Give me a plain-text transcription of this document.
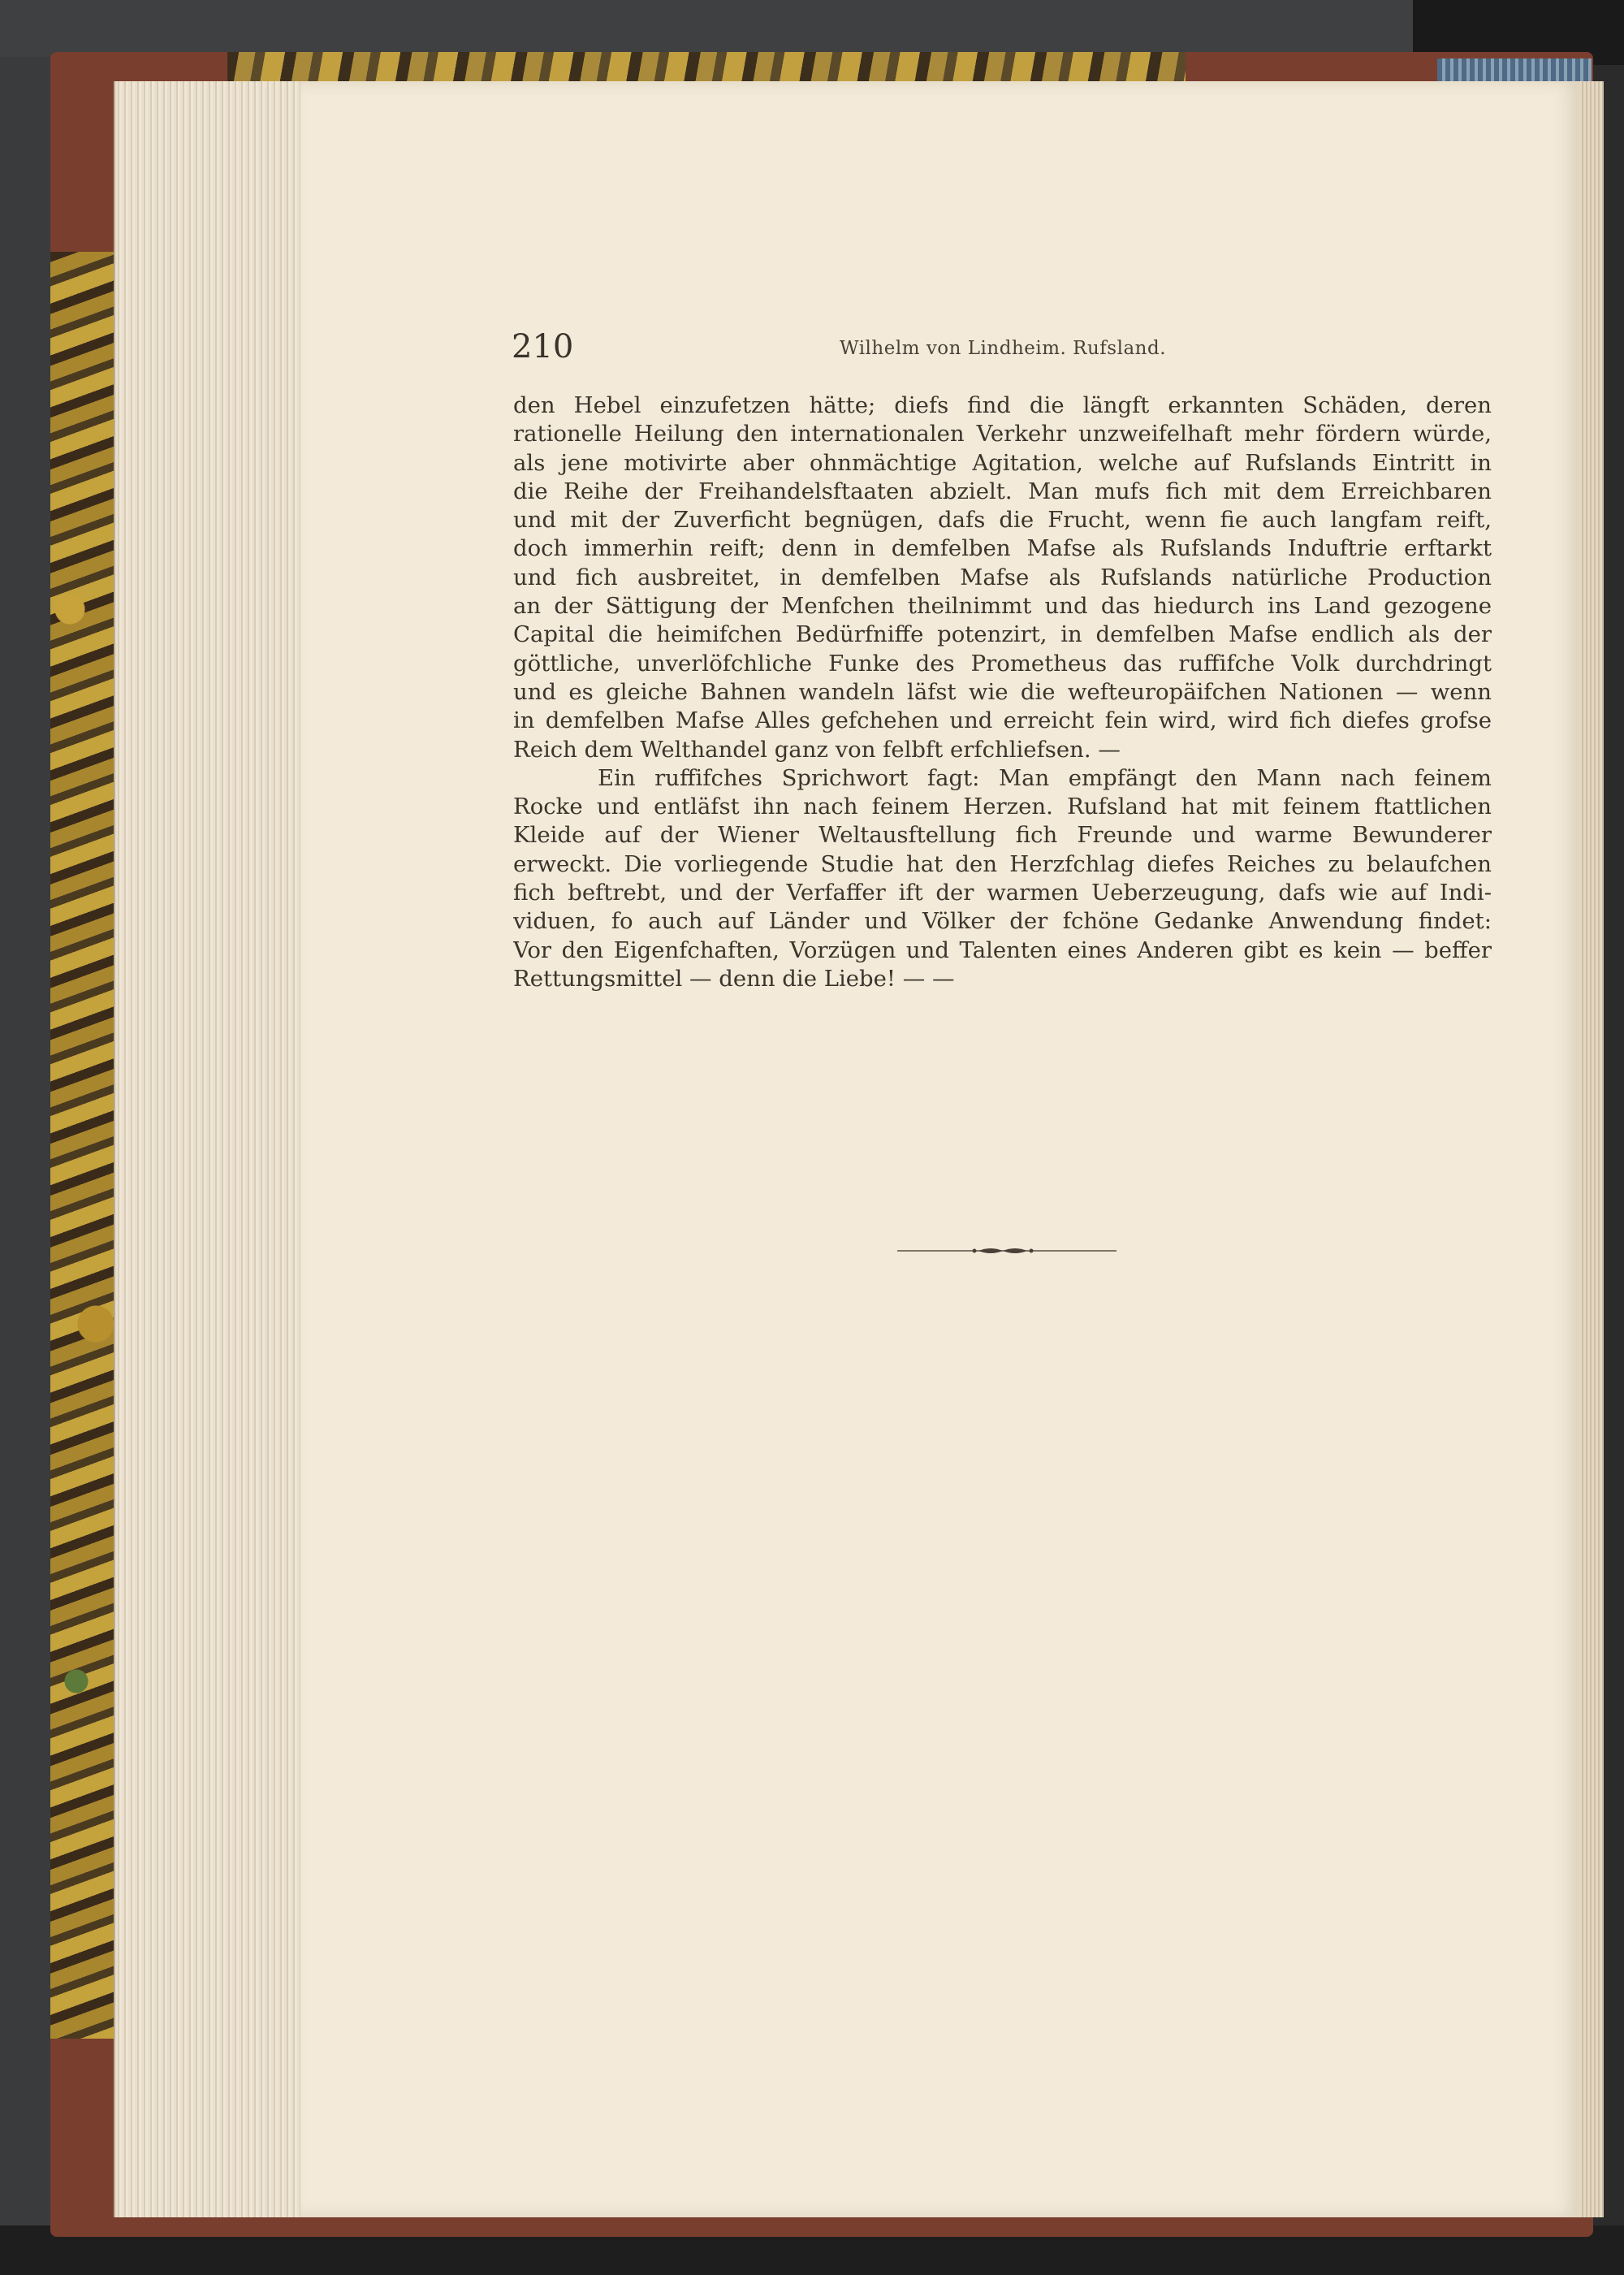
210	Wilhelm von Lindheim. Rufsland.
den Hebel einzufetzen hätte; diefs find die längft erkannten Schäden, deren
rationelle Heilung den internationalen Verkehr unzweifelhaft mehr fördern würde,
als jene motivirte aber ohnmächtige Agitation, welche auf Rufslands Eintritt in
die Reihe der Freihandelsftaaten abzielt. Man mufs fich mit dem Erreichbaren
und mit der Zuverficht begnügen, dafs die Frucht, wenn fie auch langfam reift,
doch immerhin reift; denn in demfelben Mafse als Rufslands Induftrie erftarkt
und fich ausbreitet, in demfelben Mafse als Rufslands natürliche Production
an der Sättigung der Menfchen theilnimmt und das hiedurch ins Land gezogene
Capital die heimifchen Bedürfniffe potenzirt, in demfelben Mafse endlich als der
göttliche, unverlöfchliche Funke des Prometheus das ruffifche Volk durchdringt
und es gleiche Bahnen wandeln läfst wie die wefteuropäifchen Nationen — wenn
in demfelben Mafse Alles gefchehen und erreicht fein wird, wird fich diefes grofse
Reich dem Welthandel ganz von felbft erfchliefsen. —
Ein ruffifches Sprichwort fagt: Man empfängt den Mann nach feinem
Rocke und entläfst ihn nach feinem Herzen. Rufsland hat mit feinem ftattlichen
Kleide auf der Wiener Weltausftellung fich Freunde und warme Bewunderer
erweckt. Die vorliegende Studie hat den Herzfchlag diefes Reiches zu belaufchen
fich beftrebt, und der Verfaffer ift der warmen Ueberzeugung, dafs wie auf Indi-
viduen, fo auch auf Länder und Völker der fchöne Gedanke Anwendung findet:
Vor den Eigenfchaften, Vorzügen und Talenten eines Anderen gibt es kein — beffer
Rettungsmittel — denn die Liebe! — —
